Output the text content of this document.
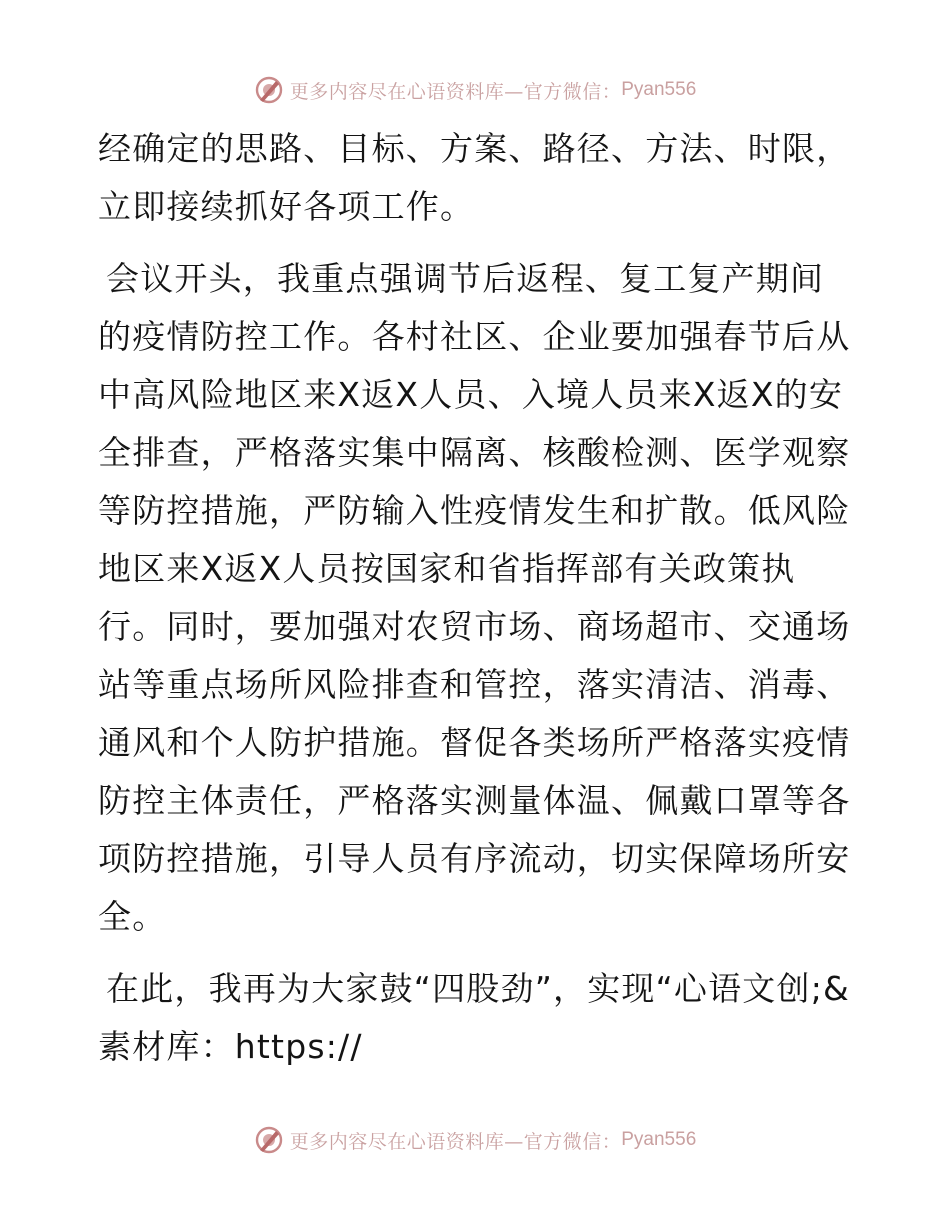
更多内容尽在心语资料库—官方微信： Pyan556

经确定的思路、目标、方案、路径、方法、时限，立即接续抓好各项工作。

会议开头，我重点强调节后返程、复工复产期间的疫情防控工作。各村社区、企业要加强春节后从中高风险地区来X返X人员、入境人员来X返X的安全排查，严格落实集中隔离、核酸检测、医学观察等防控措施，严防输入性疫情发生和扩散。低风险地区来X返X人员按国家和省指挥部有关政策执行。同时，要加强对农贸市场、商场超市、交通场站等重点场所风险排查和管控，落实清洁、消毒、通风和个人防护措施。督促各类场所严格落实疫情防控主体责任，严格落实测量体温、佩戴口罩等各项防控措施，引导人员有序流动，切实保障场所安全。

在此，我再为大家鼓“四股劲”，实现“心语文创;&素材库：https://

更多内容尽在心语资料库—官方微信： Pyan556
